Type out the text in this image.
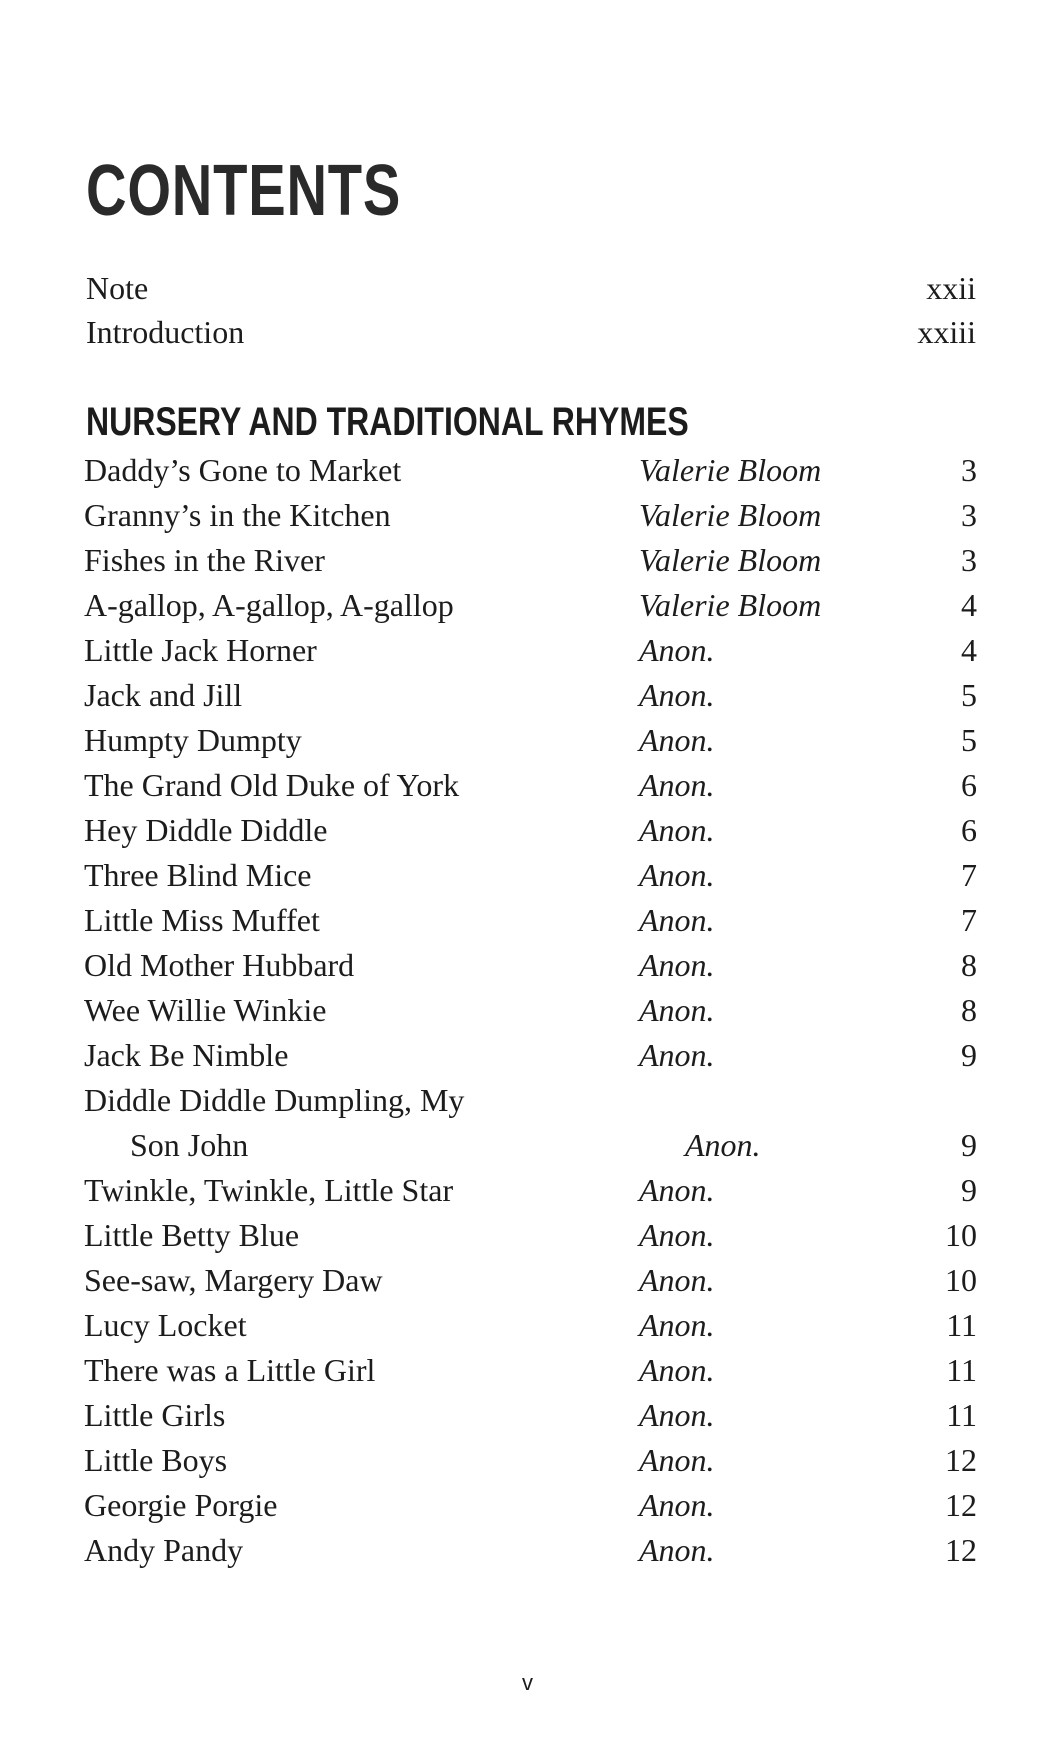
CONTENTS
Note	xxii
Introduction	xxiii
NURSERY AND TRADITIONAL RHYMES
Daddy’s Gone to Market	Valerie Bloom	3
Granny’s in the Kitchen	Valerie Bloom	3
Fishes in the River	Valerie Bloom	3
A-gallop, A-gallop, A-gallop	Valerie Bloom	4
Little Jack Horner	Anon.	4
Jack and Jill	Anon.	5
Humpty Dumpty	Anon.	5
The Grand Old Duke of York	Anon.	6
Hey Diddle Diddle	Anon.	6
Three Blind Mice	Anon.	7
Little Miss Muffet	Anon.	7
Old Mother Hubbard	Anon.	8
Wee Willie Winkie	Anon.	8
Jack Be Nimble	Anon.	9
Diddle Diddle Dumpling, My
Son John	Anon.	9
Twinkle, Twinkle, Little Star	Anon.	9
Little Betty Blue	Anon.	10
See-saw, Margery Daw	Anon.	10
Lucy Locket	Anon.	11
There was a Little Girl	Anon.	11
Little Girls	Anon.	11
Little Boys	Anon.	12
Georgie Porgie	Anon.	12
Andy Pandy	Anon.	12
v
